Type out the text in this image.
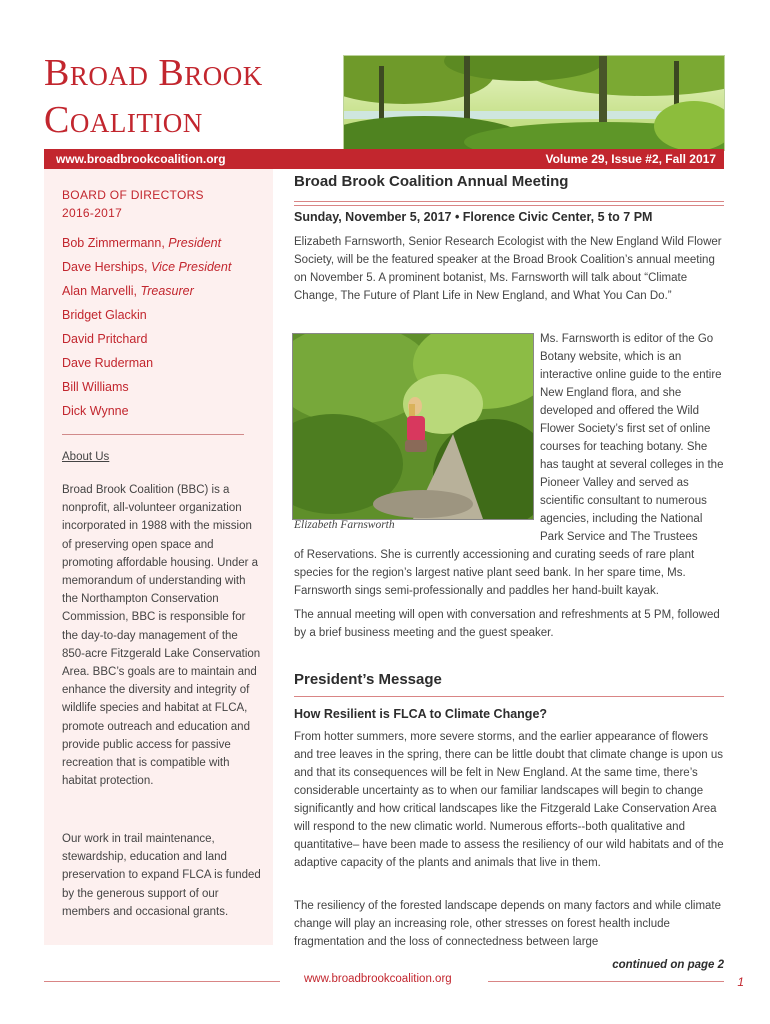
Broad Brook
Coalition
www.broadbrookcoalition.org	Volume 29, Issue #2, Fall 2017
BOARD OF DIRECTORS
2016-2017
Bob Zimmermann, President
Dave Herships, Vice President
Alan Marvelli, Treasurer
Bridget Glackin
David Pritchard
Dave Ruderman
Bill Williams
Dick Wynne
About Us

Broad Brook Coalition (BBC) is a nonprofit, all-volunteer organization incorporated in 1988 with the mission of preserving open space and promoting affordable housing. Under a memorandum of understanding with the Northampton Conservation Commission, BBC is responsible for the day-to-day management of the 850-acre Fitzgerald Lake Conservation Area. BBC’s goals are to maintain and enhance the diversity and integrity of wildlife species and habitat at FLCA, promote outreach and education and provide public access for passive recreation that is compatible with habitat protection.

Our work in trail maintenance, stewardship, education and land preservation to expand FLCA is funded by the generous support of our members and occasional grants.

Broad Brook Coalition Annual Meeting

Sunday, November 5, 2017 • Florence Civic Center, 5 to 7 PM

Elizabeth Farnsworth, Senior Research Ecologist with the New England Wild Flower Society, will be the featured speaker at the Broad Brook Coalition’s annual meeting on November 5. A prominent botanist, Ms. Farnsworth will talk about “Climate Change, The Future of Plant Life in New England, and What You Can Do.”

Elizabeth Farnsworth

Ms. Farnsworth is editor of the Go Botany website, which is an interactive online guide to the entire New England flora, and she developed and offered the Wild Flower Society’s first set of online courses for teaching botany. She has taught at several colleges in the Pioneer Valley and served as scientific consultant to numerous agencies, including the National Park Service and The Trustees

of Reservations. She is currently accessioning and curating seeds of rare plant species for the region’s largest native plant seed bank. In her spare time, Ms. Farnsworth sings semi-professionally and paddles her hand-built kayak.

The annual meeting will open with conversation and refreshments at 5 PM, followed by a brief business meeting and the guest speaker.

President’s Message

How Resilient is FLCA to Climate Change?

From hotter summers, more severe storms, and the earlier appearance of flowers and tree leaves in the spring, there can be little doubt that climate change is upon us and that its consequences will be felt in New England. At the same time, there’s considerable uncertainty as to when our familiar landscapes will begin to change significantly and how critical landscapes like the Fitzgerald Lake Conservation Area will respond to the new climatic world. Numerous efforts--both qualitative and quantitative– have been made to assess the resiliency of our wild habitats and of the adaptive capacity of the plants and animals that live in them.

The resiliency of the forested landscape depends on many factors and while climate change will play an increasing role, other stresses on forest health include fragmentation and the loss of connectedness between large

continued on page 2
www.broadbrookcoalition.org	1
